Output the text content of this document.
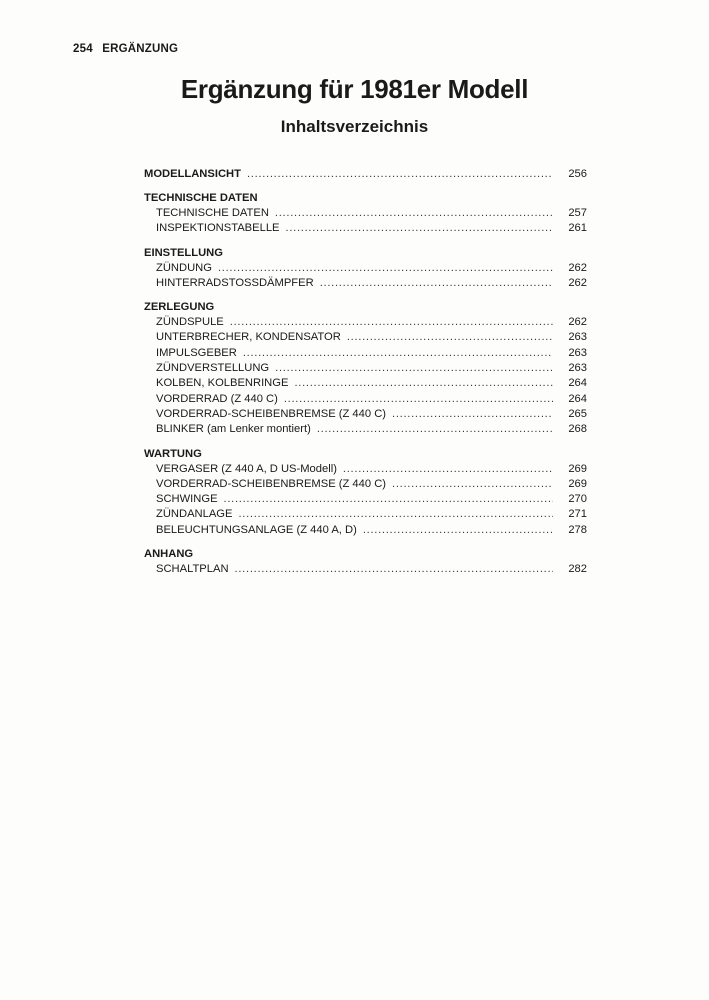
254 ERGÄNZUNG
Ergänzung für 1981er Modell
Inhaltsverzeichnis
MODELLANSICHT . . .	256
TECHNISCHE DATEN
TECHNISCHE DATEN . . .	257
INSPEKTIONSTABELLE . . .	261
EINSTELLUNG
ZÜNDUNG . . .	262
HINTERRADSTOSSDÄMPFER . . .	262
ZERLEGUNG
ZÜNDSPULE . . .	262
UNTERBRECHER, KONDENSATOR . . .	263
IMPULSGEBER . . .	263
ZÜNDVERSTELLUNG . . .	263
KOLBEN, KOLBENRINGE . . .	264
VORDERRAD (Z 440 C) . . .	264
VORDERRAD-SCHEIBENBREMSE (Z 440 C) . . .	265
BLINKER (am Lenker montiert) . . .	268
WARTUNG
VERGASER (Z 440 A, D US-Modell) . . .	269
VORDERRAD-SCHEIBENBREMSE (Z 440 C) . . .	269
SCHWINGE . . .	270
ZÜNDANLAGE . . .	271
BELEUCHTUNGSANLAGE (Z 440 A, D) . . .	278
ANHANG
SCHALTPLAN . . .	282
